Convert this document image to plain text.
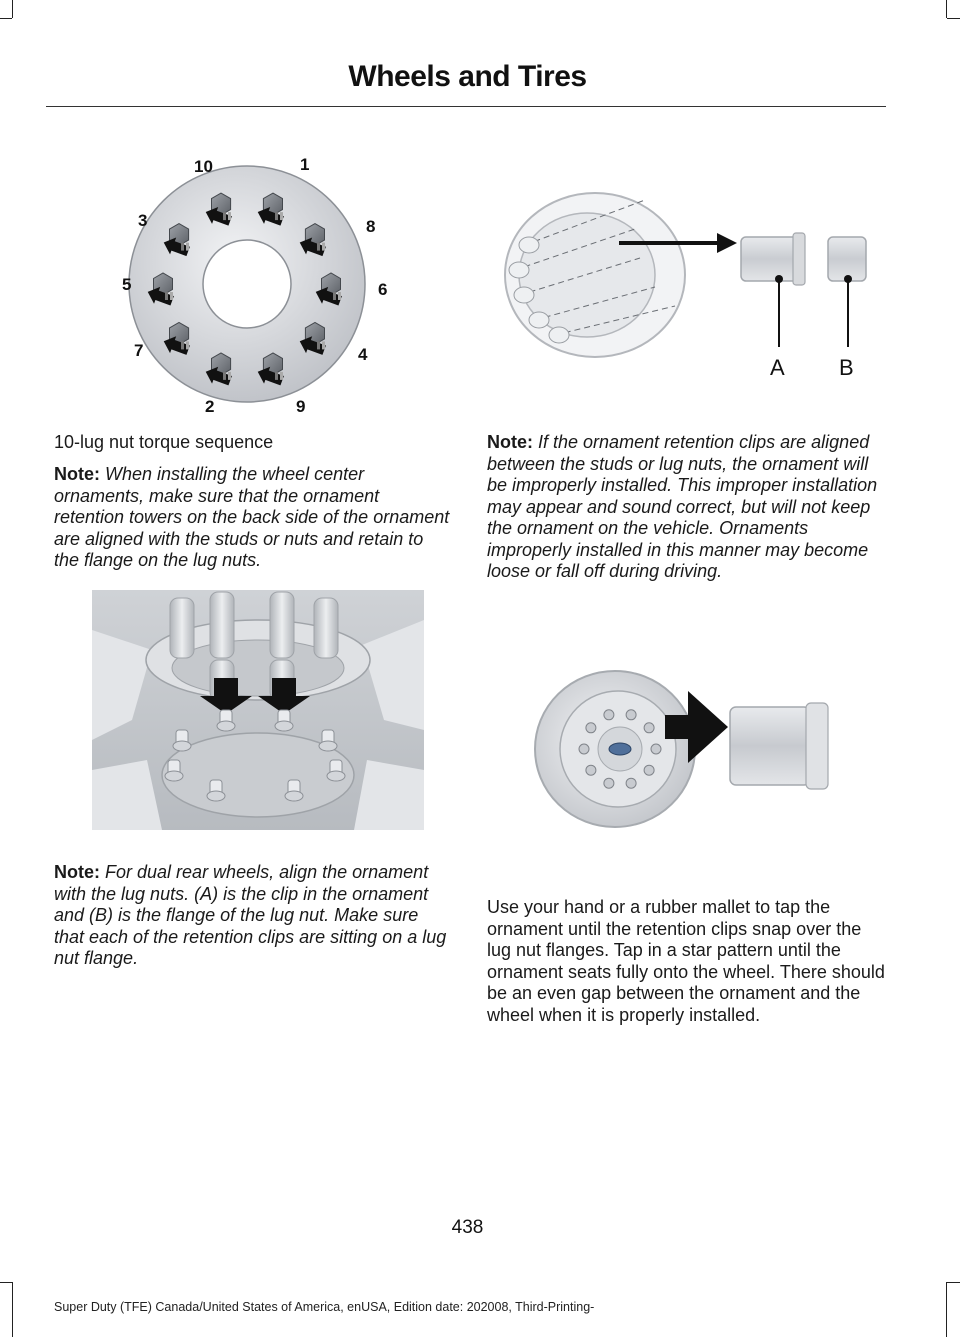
Wheels and Tires
10	1
3	8
5	6
7	4
2	9
A B
10-lug nut torque sequence

Note: When installing the wheel center ornaments, make sure that the ornament retention towers on the back side of the ornament are aligned with the studs or nuts and retain to the flange on the lug nuts.

Note: For dual rear wheels, align the ornament with the lug nuts. (A) is the clip in the ornament and (B) is the flange of the lug nut. Make sure that each of the retention clips are sitting on a lug nut flange.

Note: If the ornament retention clips are aligned between the studs or lug nuts, the ornament will be improperly installed. This improper installation may appear and sound correct, but will not keep the ornament on the vehicle. Ornaments improperly installed in this manner may become loose or fall off during driving.

Use your hand or a rubber mallet to tap the ornament until the retention clips snap over the lug nut flanges. Tap in a star pattern until the ornament seats fully onto the wheel. There should be an even gap between the ornament and the wheel when it is properly installed.
438
Super Duty (TFE) Canada/United States of America, enUSA, Edition date: 202008, Third-Printing-
